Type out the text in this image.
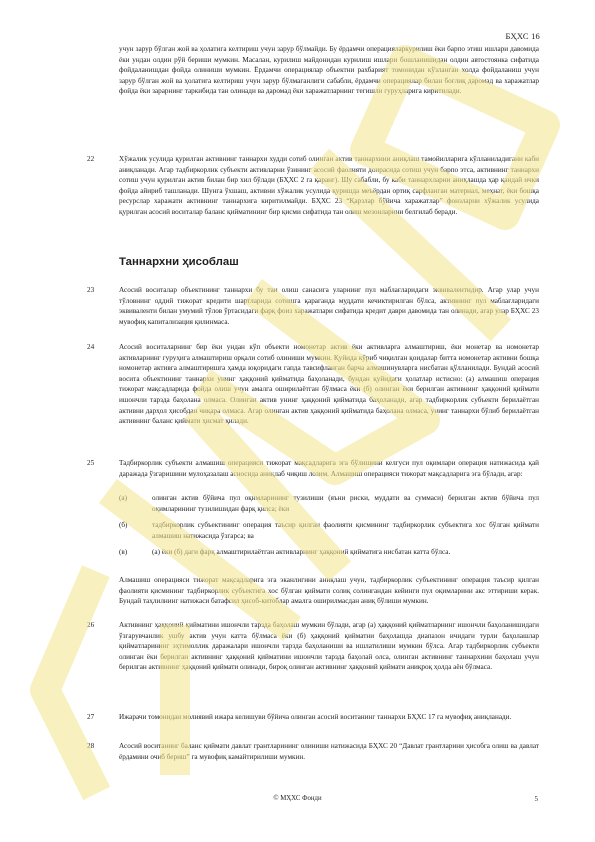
БҲХС 16
учун зарур бўлган жой ва ҳолатига келтириш учун зарур бўлмайди. Бу ёрдамчи операцияларкурилиш ёки барпо этиш ишлари давомида ёки ундан олдин рўй бериши мумкин. Масалан, курилиш майдонидан курилиш ишлари бошланишидан олдин автостоянка сифатида фойдаланишдан фойда олиниши мумкин. Ёрдамчи операциялар объектни рахбарият томонидан кўзланган холда фойдаланиш учун зарур бўлган жой ва ҳолатига келтириш учун зарур бўлмаганлиги сабабли, ёрдамчи операциялар билан боғлиқ даромад ва харажатлар фойда ёки зарарнинг таркибида тан олинади ва даромад ёки харажатларнинг тегишли гуруҳларига киритилади.
22	Хўжалик усулида қурилган активнинг таннархи худди сотиб олинган актив таннархини аниқлаш тамойилларига кўлланиладигани каби аниқланади. Агар тадбиркорлик субъекти активларни ўзининг асосий фаолияти доирасида сотиш учун барпо этса, активнинг таннархи сотиш учун қурилган актив билан бир хил бўлади (БҲХС 2 га қаранг). Шу сабабли, бу каби таннархларни аниқлашда ҳар қандай ички фойда айириб ташланади. Шунга ўхшаш, активни хўжалик усулида қуришда меъёрдан ортиқ сарфланган материал, меҳнат, ёки бошқа ресурслар харажати активнинг таннархига киритилмайди. БҲХС 23 “Қарзлар бўйича харажатлар” фонзларни хўжалик усулида қурилган асосий воситалар баланс қийматининг бир қисми сифатида тан олиш мезонларини белгилаб беради.
Таннархни ҳисоблаш
23	Асосий воситалар объектининг таннархи бу тан олиш санасига уларнинг пул маблағларидаги эквивалентидир. Агар улар учун тўловнинг оддий тижорат кредити шартларида сотишга қараганда муддати кечиктирилган бўлса, активнинг пул маблағларидаги эквиваленти билан умумий тўлов ўртасидаги фарқ фоиз харажатлари сифатида кредит даври давомида тан олинади, агар улар БҲХС 23 мувофиқ капитализация қилинмаса.
24	Асосий воситаларнинг бир ёки ундан кўп объекти номонетар актив ёки активларга алмаштириш, ёки монетар ва номонетар активларнинг гуруҳига алмаштириш орқали сотиб олиниши мумкин. Қуйида кўриб чиқилган қоидалар битта номонетар активни бошқа номонетар активга алмаштиришга ҳамда юқоридаги гапда тавсифланган барча алмашинувларга нисбатан қўлланилади. Бундай асосий восита объектининг таннархи унинг ҳаққоний қийматида баҳоланади, бундан қуйидаги ҳолатлар истисно: (а) алмашиш операция тижорат мақсадларида фойда олиш учун амалга оширилаётган бўлмаса ёки (б) олинган ёки берилган активнинг ҳаққоний қиймати ишончли тарзда баҳолана олмаса. Олинган актив унинг ҳаққоний қийматида баҳоланади, агар тадбиркорлик субъекти берилаётган активни дарҳол ҳисобдан чиқара олмаса. Агар олинган актив ҳаққоний қийматида баҳолана олмаса, унинг таннархи бўлиб берилаётган активнинг баланс қиймати ҳисмат қилади.
25	Тадбиркорлик субъекти алмашиш операцияси тижорат мақсадларига эга бўлишини келгуси пул оқимлари операция натижасида қай даражада ўзгаришини мулоҳазалаш асносида аниқлаб чиқиш лозим. Алмашиш операцияси тижорат мақсадларига эга бўлади, агар:
(а)	олинган актив бўйича пул оқимларининг тузилиши (яъни риски, муддати ва суммаси) берилган актив бўйича пул оқимларининг тузилишидан фарқ қилса; ёки
(б)	тадбиркорлик субъектининг операция таъсир қилган фаолияти қисмининг тадбиркорлик субъектига хос бўлган қиймати алмашиш натижасида ўзгарса; ва
(в)	(а) ёки (б) даги фарқ алмаштирилаётган активларнинг ҳаққоний қийматига нисбатан катта бўлса.
Алмашиш операцияси тижорат мақсадларига эга эканлигини аниқлаш учун, тадбиркорлик субъектининг операция таъсир қилган фаолияти қисмининг тадбиркорлик субъектига хос бўлган қиймати солиқ солингандан кейинги пул оқимларини акс эттириши керак. Бундай таҳлилнинг натижаси батафсил ҳисоб-китоблар амалга оширилмасдан аниқ бўлиши мумкин.
26	Активнинг ҳаққоний қийматини ишончли тарзда баҳолаш мумкин бўлади, агар (а) ҳаққоний қийматларнинг ишончли баҳоланишидаги ўзгарувчанлик ушбу актив учун катта бўлмаса ёки (б) ҳаққоний қийматни баҳолашда диапазон ичидаги турли баҳолашлар қийматларининг эҳтимоллик даражалари ишончли тарзда баҳоланиши ва ишлатилиши мумкин бўлса. Агар тадбиркорлик субъекти олинган ёки берилган активнинг ҳаққоний қийматини ишончли тарзда баҳолай олса, олинган активнинг таннархини баҳолаш учун берилган активнинг ҳаққоний қиймати олинади, бироқ олинган активнинг ҳаққоний қиймати аниқроқ ҳолда аён бўлмаса.
27	Ижарачи томонидан молиявий ижара келишуви бўйича олинган асосий воситанинг таннархи БҲХС 17 га мувофиқ аниқланади.
28	Асосий воситанинг баланс қиймати давлат грантларининг олиниши натижасида БҲХС 20 “Давлат грантларини ҳисобга олиш ва давлат ёрдамини очиб бериш” га мувофиқ камайтирилиши мумкин.
© МҲХС Фонди	5
